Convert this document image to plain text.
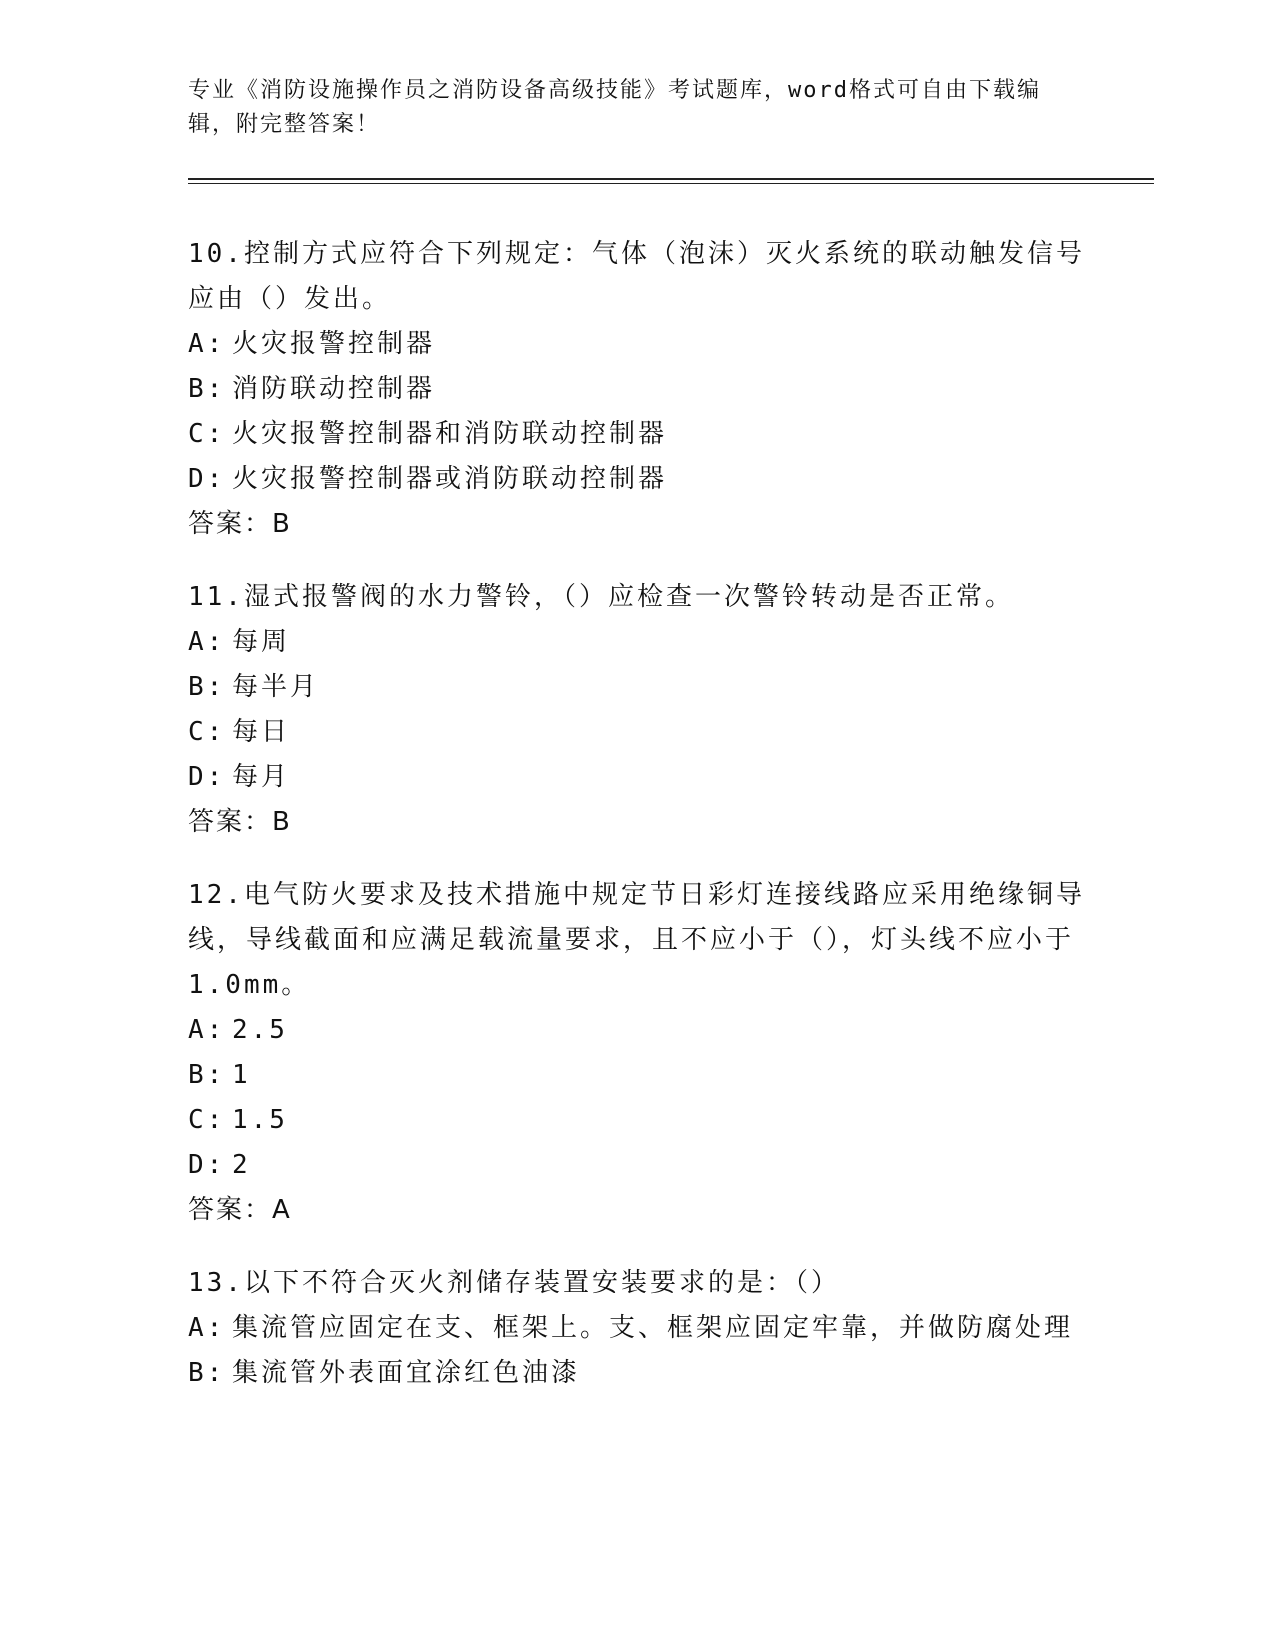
专业《消防设施操作员之消防设备高级技能》考试题库，word格式可自由下载编辑，附完整答案！

10.控制方式应符合下列规定：气体（泡沫）灭火系统的联动触发信号应由（）发出。

A: 火灾报警控制器

B: 消防联动控制器

C: 火灾报警控制器和消防联动控制器

D: 火灾报警控制器或消防联动控制器

答案：B

11.湿式报警阀的水力警铃，（）应检查一次警铃转动是否正常。

A: 每周

B: 每半月

C: 每日

D: 每月

答案：B

12.电气防火要求及技术措施中规定节日彩灯连接线路应采用绝缘铜导线，导线截面和应满足载流量要求，且不应小于（），灯头线不应小于1.0mm。

A: 2.5

B: 1

C: 1.5

D: 2

答案：A

13.以下不符合灭火剂储存装置安装要求的是：（）

A: 集流管应固定在支、框架上。支、框架应固定牢靠，并做防腐处理

B: 集流管外表面宜涂红色油漆
